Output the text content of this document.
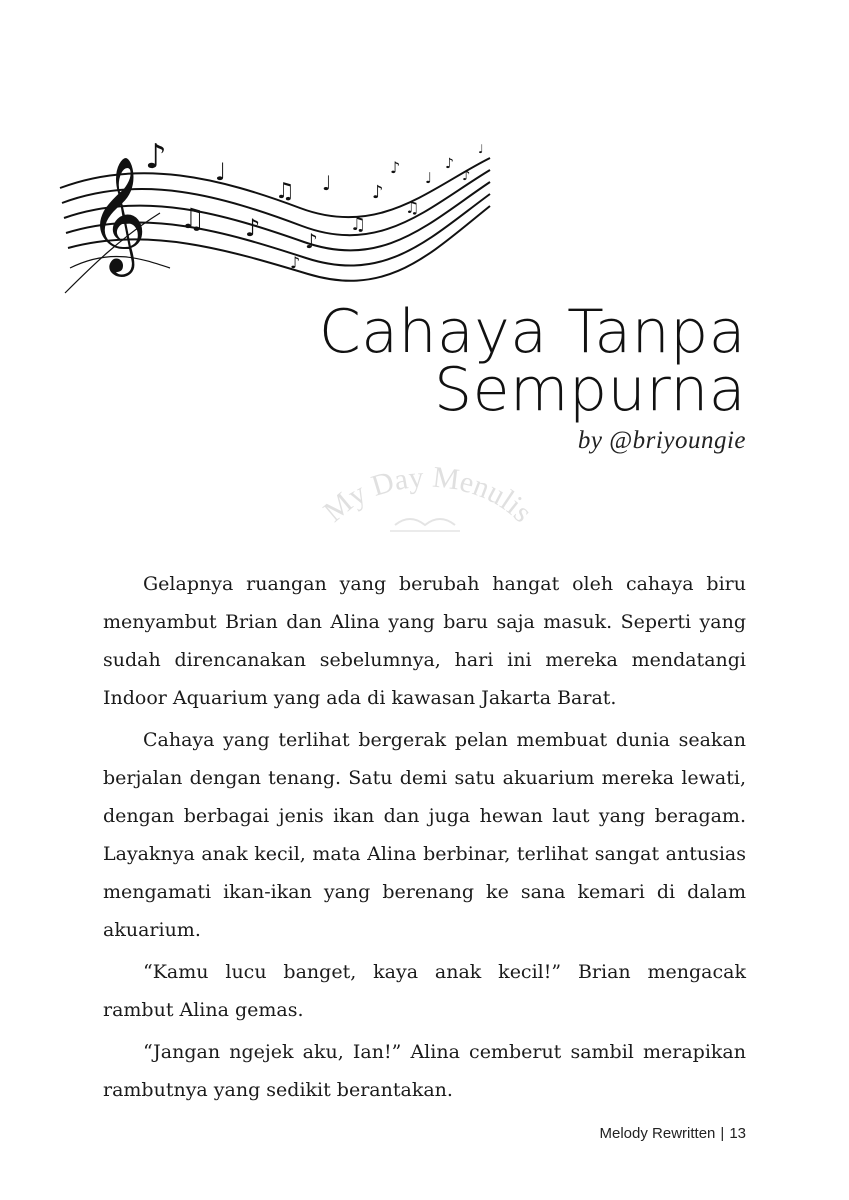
𝄞
♪
♫
♩
♪
♫
♪
♩
♫
♪
♪
♫
♩
♪
♪
♩
♪
Cahaya Tanpa
Sempurna
by @briyoungie
My Day Menulis

Gelapnya ruangan yang berubah hangat oleh cahaya biru menyambut Brian dan Alina yang baru saja masuk. Seperti yang sudah direncanakan sebelumnya, hari ini mereka mendatangi Indoor Aquarium yang ada di kawasan Jakarta Barat.

Cahaya yang terlihat bergerak pelan membuat dunia seakan berjalan dengan tenang. Satu demi satu akuarium mereka lewati, dengan berbagai jenis ikan dan juga hewan laut yang beragam. Layaknya anak kecil, mata Alina berbinar, terlihat sangat antusias mengamati ikan-ikan yang berenang ke sana kemari di dalam akuarium.

“Kamu lucu banget, kaya anak kecil!” Brian mengacak rambut Alina gemas.

“Jangan ngejek aku, Ian!” Alina cemberut sambil merapikan rambutnya yang sedikit berantakan.

Melody Rewritten | 13
